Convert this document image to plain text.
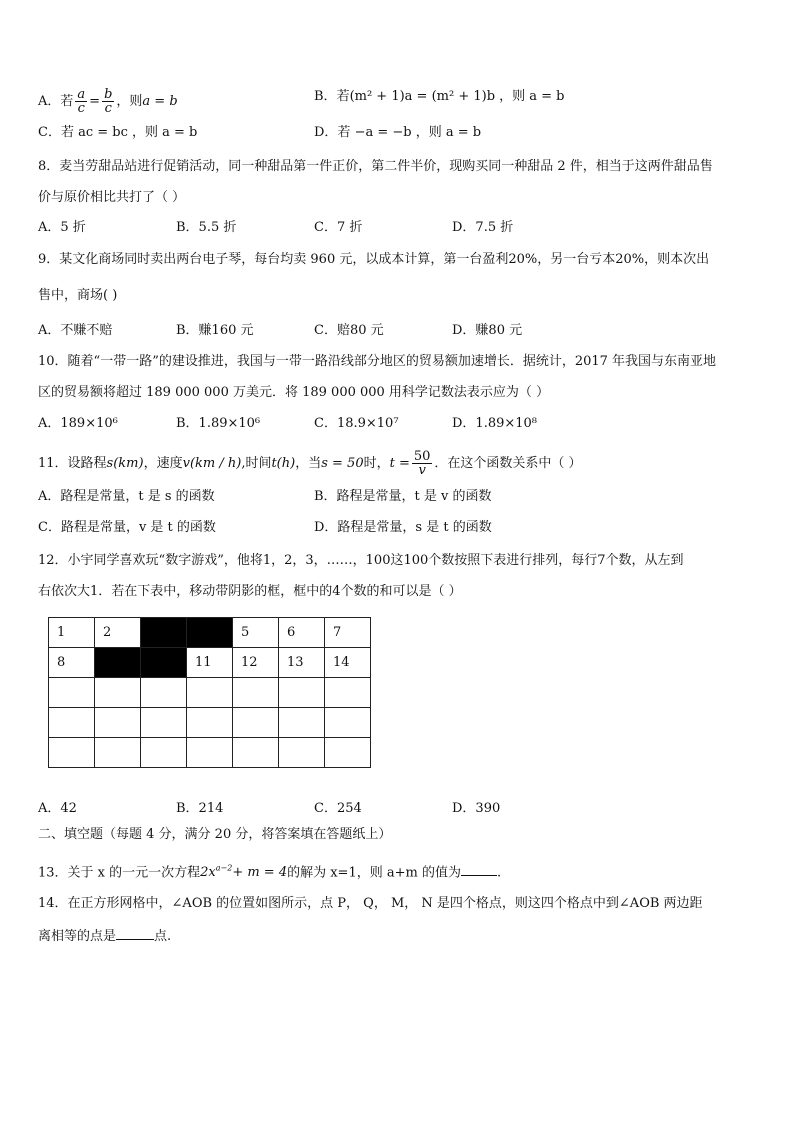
A．若 $\frac{a}{c} = \frac{b}{c}$ ，则a = b	B．若(m² + 1)a = (m² + 1)b ，则 a = b
C．若 ac = bc ，则 a = b	D．若 −a = −b ，则 a = b
8．麦当劳甜品站进行促销活动，同一种甜品第一件正价，第二件半价，现购买同一种甜品 2 件，相当于这两件甜品售
价与原价相比共打了（ ）
A．5 折	B．5.5 折	C．7 折	D．7.5 折
9．某文化商场同时卖出两台电子琴，每台均卖 960 元，以成本计算，第一台盈利20%，另一台亏本20%，则本次出
售中，商场( )
A．不赚不赔	B．赚160 元	C．赔80 元	D．赚80 元
10．随着“一带一路”的建设推进，我国与一带一路沿线部分地区的贸易额加速增长．据统计，2017 年我国与东南亚地
区的贸易额将超过 189 000 000 万美元．将 189 000 000 用科学记数法表示应为（ ）
A．189×10⁶	B．1.89×10⁶	C．18.9×10⁷	D．1.89×10⁸
11．设路程s(km)，速度v(km / h),时间t(h)，当s = 50时，$t = \frac{50}{v}$ ．在这个函数关系中（ ）
A．路程是常量，t 是 s 的函数	B．路程是常量，t 是 v 的函数
C．路程是常量，v 是 t 的函数	D．路程是常量，s 是 t 的函数
12．小宇同学喜欢玩“数字游戏”，他将1，2，3，……，100这100个数按照下表进行排列，每行7个数，从左到
右依次大1．若在下表中，移动带阴影的框，框中的4个数的和可以是（ ）
1	2			5	6	7
8			11	12	13	14

A．42	B．214	C．254	D．390
二、填空题（每题 4 分，满分 20 分，将答案填在答题纸上）
13．关于 x 的一元一次方程$2x^{a-2}+ m = 4$的解为 x=1，则 a+m 的值为	.
14．在正方形网格中，∠AOB 的位置如图所示，点 P， Q， M， N 是四个格点，则这四个格点中到∠AOB 两边距
离相等的点是	点.
